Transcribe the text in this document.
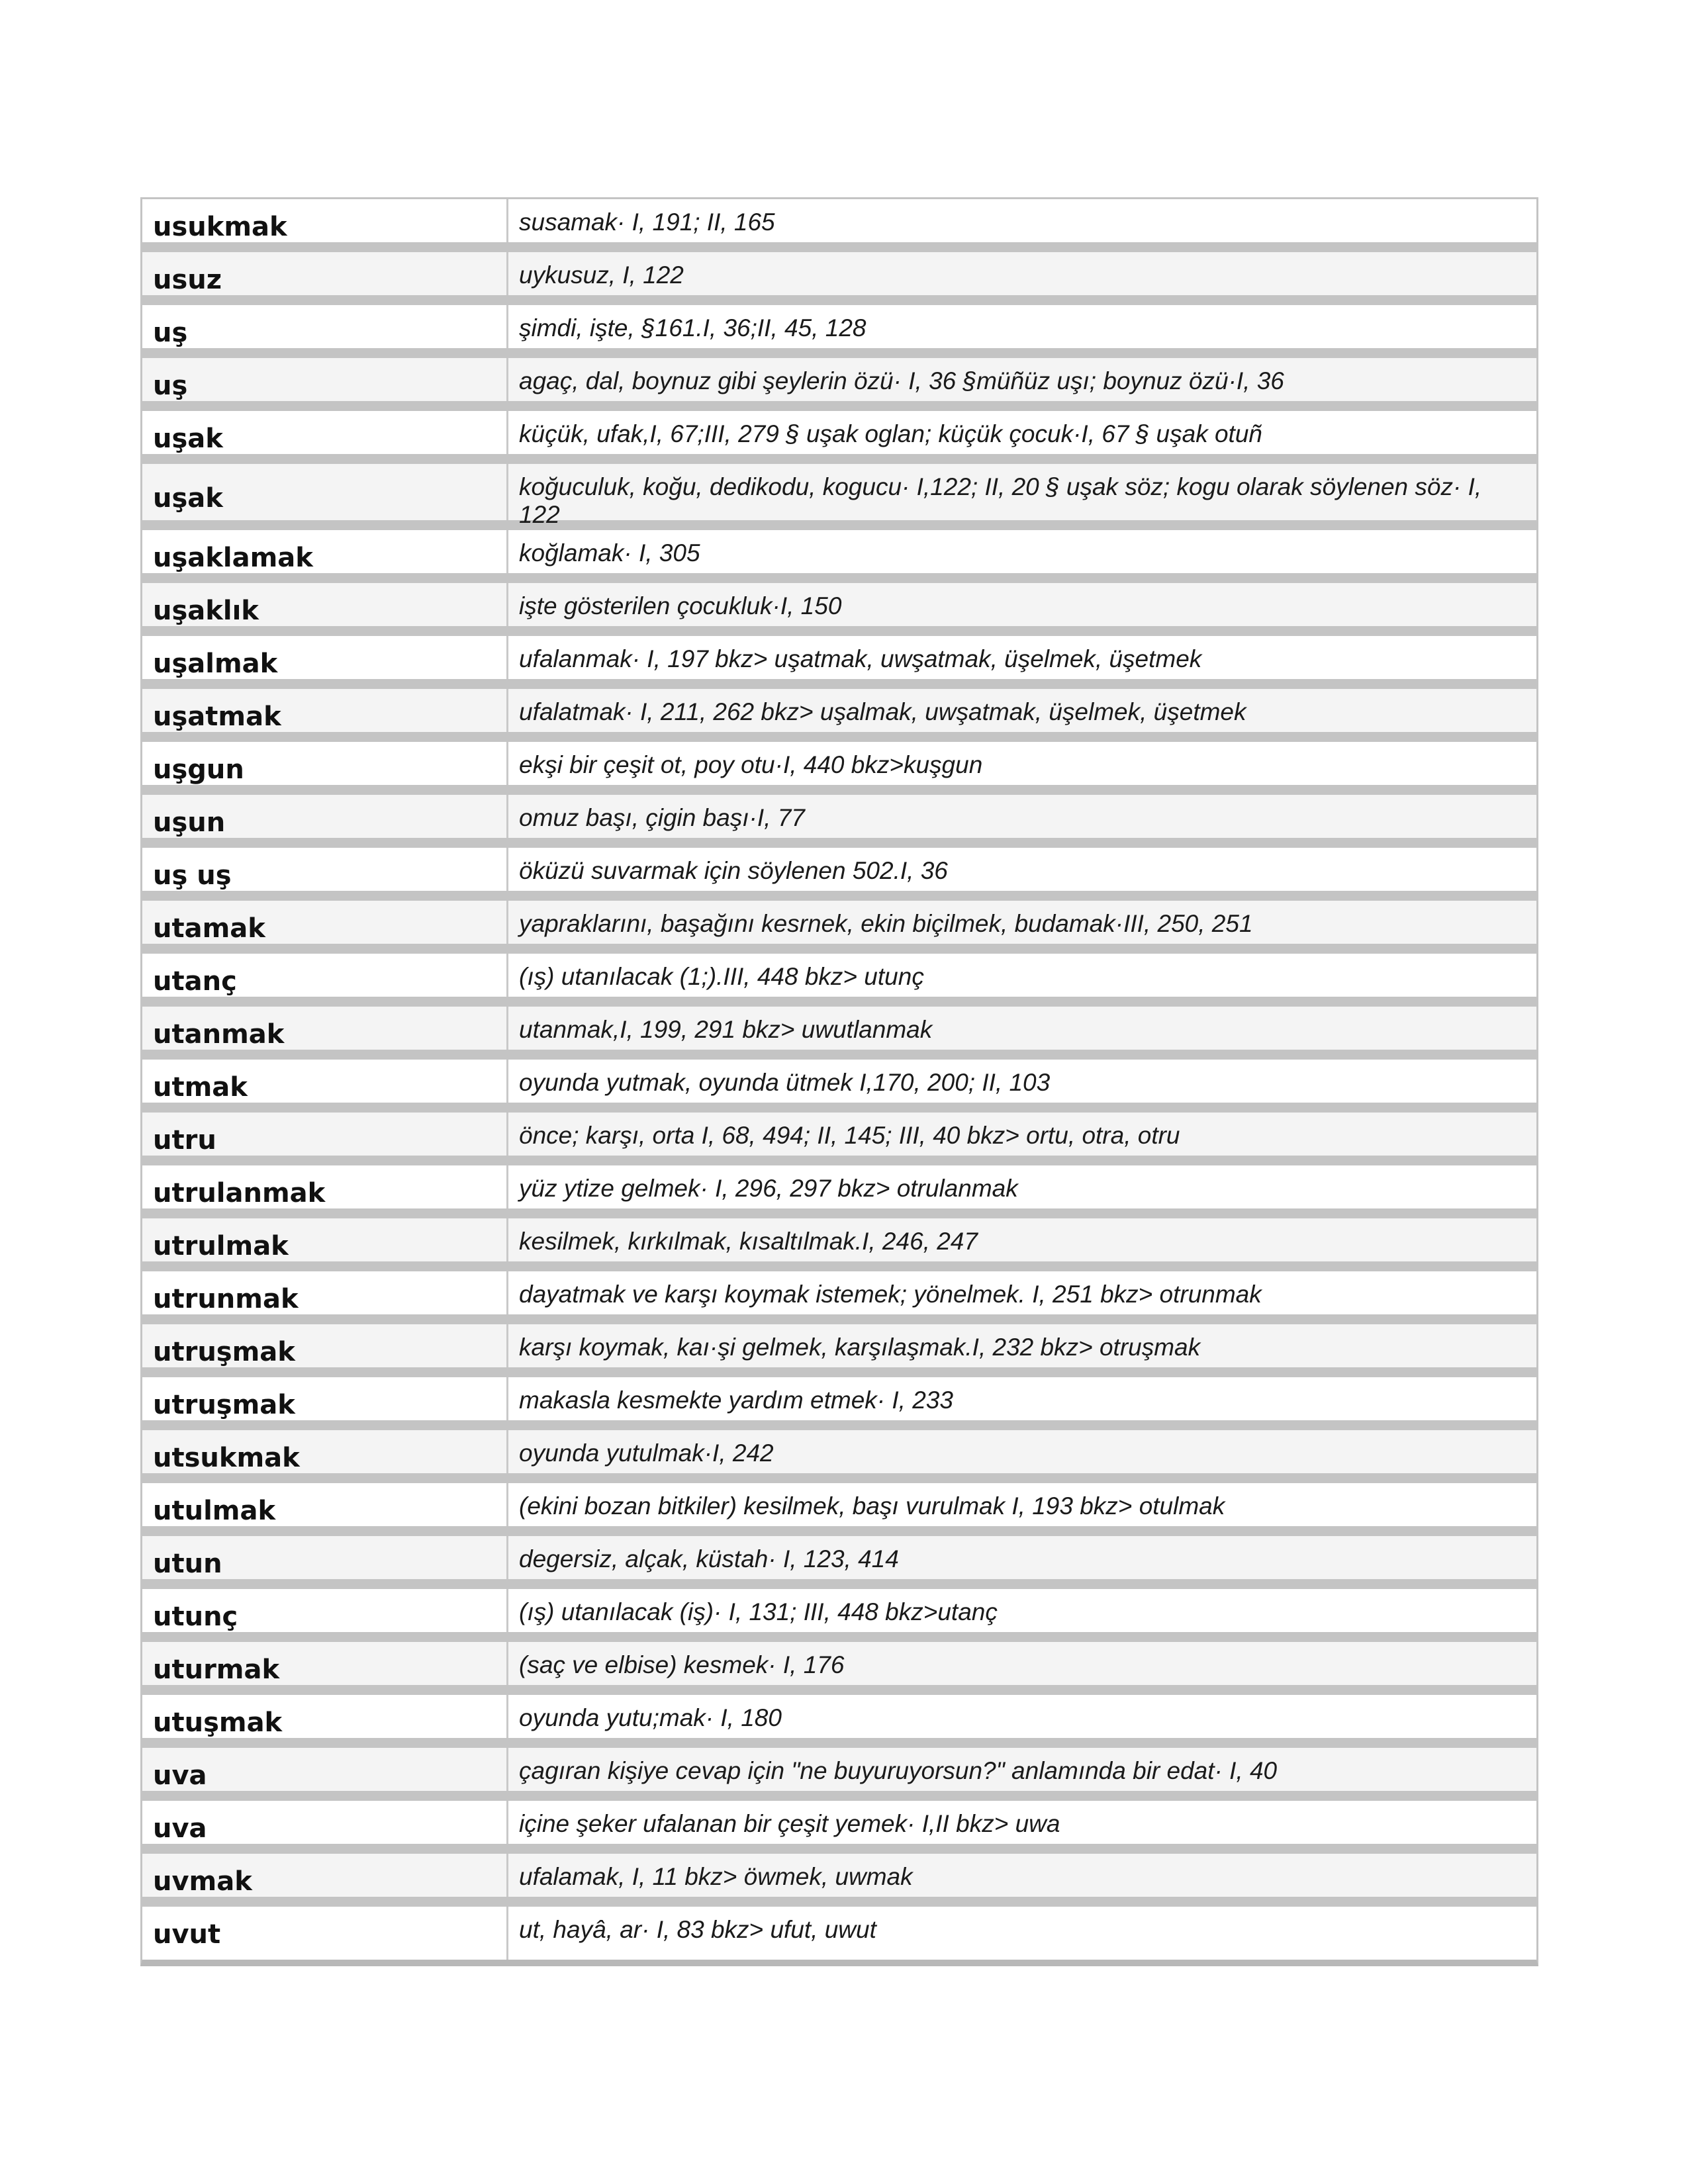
usukmak	susamak· I, 191; II, 165
usuz	uykusuz, I, 122
uş	şimdi, işte, §161.I, 36;II, 45, 128
uş	agaç, dal, boynuz gibi şeylerin özü· I, 36 §müñüz uşı; boynuz özü·I, 36
uşak	küçük, ufak,I, 67;III, 279 § uşak oglan; küçük çocuk·I, 67 § uşak otuñ
uşak	koğuculuk, koğu, dedikodu, kogucu· I,122; II, 20 § uşak söz; kogu olarak söylenen söz· I, 122
uşaklamak	koğlamak· I, 305
uşaklık	işte gösterilen çocukluk·I, 150
uşalmak	ufalanmak· I, 197 bkz> uşatmak, uwşatmak, üşelmek, üşetmek
uşatmak	ufalatmak· I, 211, 262 bkz> uşalmak, uwşatmak, üşelmek, üşetmek
uşgun	ekşi bir çeşit ot, poy otu·I, 440 bkz>kuşgun
uşun	omuz başı, çigin başı·I, 77
uş uş	öküzü suvarmak için söylenen 502.I, 36
utamak	yapraklarını, başağını kesrnek, ekin biçilmek, budamak·III, 250, 251
utanç	(ış) utanılacak (1;).III, 448 bkz> utunç
utanmak	utanmak,I, 199, 291 bkz> uwutlanmak
utmak	oyunda yutmak, oyunda ütmek I,170, 200; II, 103
utru	önce; karşı, orta I, 68, 494; II, 145; III, 40 bkz> ortu, otra, otru
utrulanmak	yüz ytize gelmek· I, 296, 297 bkz> otrulanmak
utrulmak	kesilmek, kırkılmak, kısaltılmak.I, 246, 247
utrunmak	dayatmak ve karşı koymak istemek; yönelmek. I, 251 bkz> otrunmak
utruşmak	karşı koymak, kaı·şi gelmek, karşılaşmak.I, 232 bkz> otruşmak
utruşmak	makasla kesmekte yardım etmek· I, 233
utsukmak	oyunda yutulmak·I, 242
utulmak	(ekini bozan bitkiler) kesilmek, başı vurulmak I, 193 bkz> otulmak
utun	degersiz, alçak, küstah· I, 123, 414
utunç	(ış) utanılacak (iş)· I, 131; III, 448 bkz>utanç
uturmak	(saç ve elbise) kesmek· I, 176
utuşmak	oyunda yutu;mak· I, 180
uva	çagıran kişiye cevap için "ne buyuruyorsun?" anlamında bir edat· I, 40
uva	içine şeker ufalanan bir çeşit yemek· I,II bkz> uwa
uvmak	ufalamak, I, 11 bkz> öwmek, uwmak
uvut	ut, hayâ, ar· I, 83 bkz> ufut, uwut
